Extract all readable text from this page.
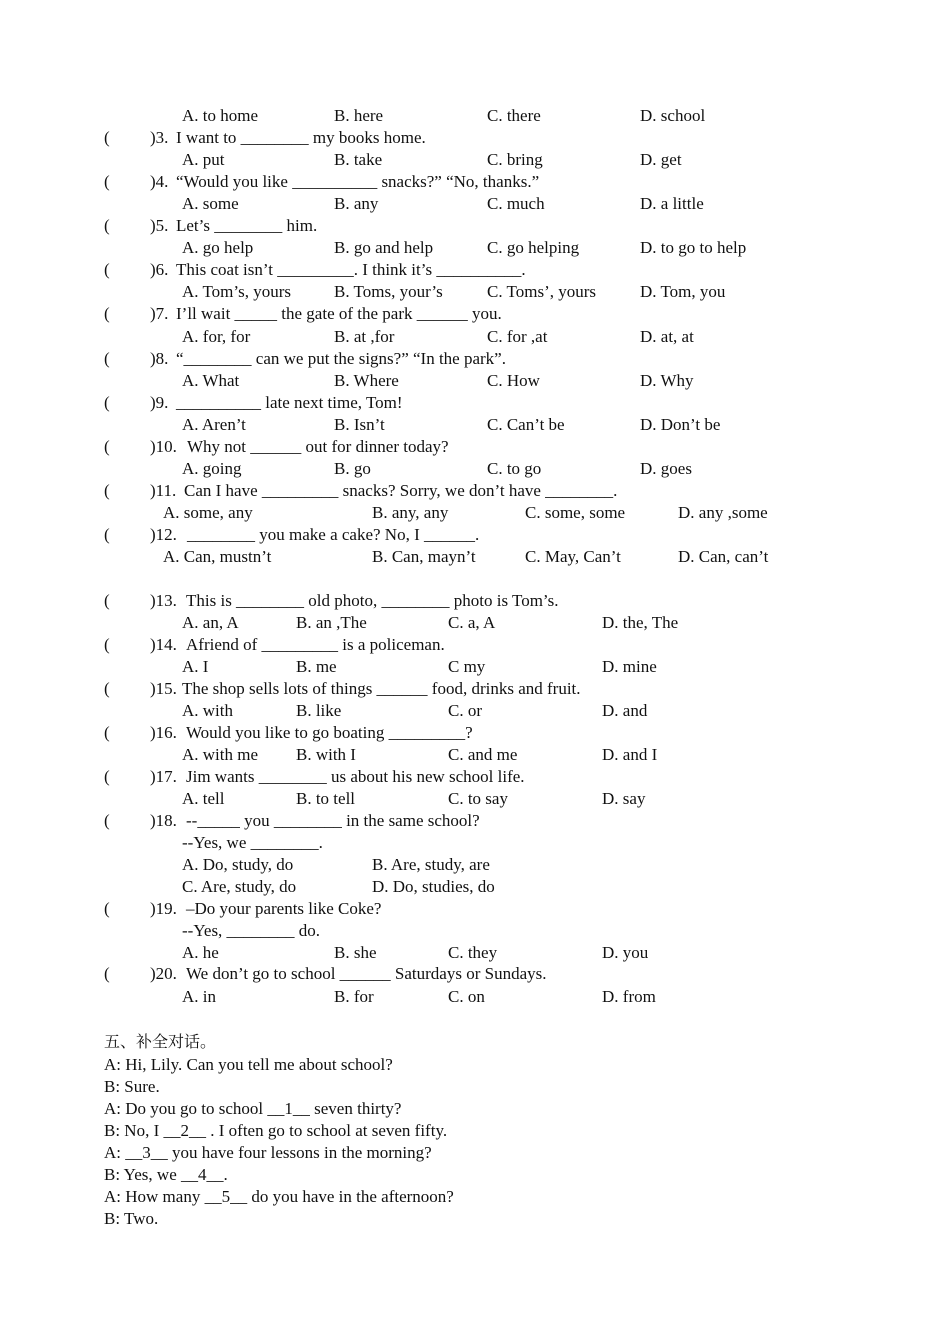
A. to home	B. here	C. there	D. school
( )3. I want to ________ my books home.
A. put	B. take	C. bring	D. get
( )4. “Would you like __________ snacks?” “No, thanks.”
A. some	B. any	C. much	D. a little
( )5. Let’s ________ him.
A. go help	B. go and help	C. go helping	D. to go to help
( )6. This coat isn’t _________. I think it’s __________.
A. Tom’s, yours	B. Toms, your’s	C. Toms’, yours	D. Tom, you
( )7. I’ll wait _____ the gate of the park ______ you.
A. for, for	B. at ,for	C. for ,at	D. at, at
( )8. “________ can we put the signs?” “In the park”.
A. What	B. Where	C. How	D. Why
( )9. __________ late next time, Tom!
A. Aren’t	B. Isn’t	C. Can’t be	D. Don’t be
( )10. Why not ______ out for dinner today?
A. going	B. go	C. to go	D. goes
( )11. Can I have _________ snacks? Sorry, we don’t have ________.
A. some, any	B. any, any	C. some, some	D. any ,some
( )12. ________ you make a cake? No, I ______.
A. Can, mustn’t	B. Can, mayn’t	C. May, Can’t	D. Can, can’t
( )13. This is ________ old photo, ________ photo is Tom’s.
A. an, A	B. an ,The	C. a, A	D. the, The
( )14. Afriend of _________ is a policeman.
A. I	B. me	C my	D. mine
( )15. The shop sells lots of things ______ food, drinks and fruit.
A. with	B. like	C. or	D. and
( )16. Would you like to go boating _________?
A. with me B. with I	C. and me	D. and I
( )17. Jim wants ________ us about his new school life.
A. tell	B. to tell	C. to say	D. say
( )18. --_____ you ________ in the same school?
--Yes, we ________.
A. Do, study, do	B. Are, study, are
C. Are, study, do	D. Do, studies, do
( )19. –Do your parents like Coke?
--Yes, ________ do.
A. he	B. she	C. they	D. you
( )20. We don’t go to school ______ Saturdays or Sundays.
A. in	B. for	C. on	D. from
五、补全对话。
A: Hi, Lily. Can you tell me about school?
B: Sure.
A: Do you go to school __1__ seven thirty?
B: No, I __2__ . I often go to school at seven fifty.
A: __3__ you have four lessons in the morning?
B: Yes, we __4__.
A: How many __5__ do you have in the afternoon?
B: Two.
